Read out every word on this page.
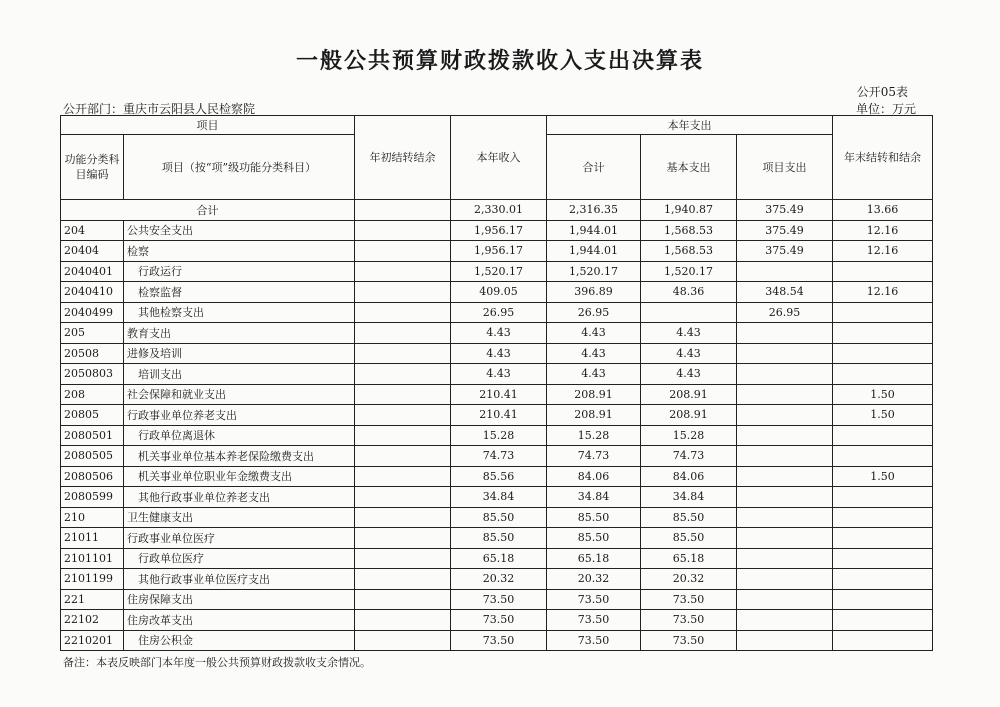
一般公共预算财政拨款收入支出决算表
公开05表
公开部门：重庆市云阳县人民检察院	单位：万元
项目		年初结转结余	本年收入	本年支出			年末结转和结余
功能分类科目编码	项目（按“项”级功能分类科目）			合计	基本支出	项目支出	
合计			2,330.01	2,316.35	1,940.87	375.49	13.66
204	公共安全支出		1,956.17	1,944.01	1,568.53	375.49	12.16
20404	检察		1,956.17	1,944.01	1,568.53	375.49	12.16
2040401	行政运行		1,520.17	1,520.17	1,520.17		
2040410	检察监督		409.05	396.89	48.36	348.54	12.16
2040499	其他检察支出		26.95	26.95		26.95	
205	教育支出		4.43	4.43	4.43		
20508	进修及培训		4.43	4.43	4.43		
2050803	培训支出		4.43	4.43	4.43		
208	社会保障和就业支出		210.41	208.91	208.91		1.50
20805	行政事业单位养老支出		210.41	208.91	208.91		1.50
2080501	行政单位离退休		15.28	15.28	15.28		
2080505	机关事业单位基本养老保险缴费支出		74.73	74.73	74.73		
2080506	机关事业单位职业年金缴费支出		85.56	84.06	84.06		1.50
2080599	其他行政事业单位养老支出		34.84	34.84	34.84		
210	卫生健康支出		85.50	85.50	85.50		
21011	行政事业单位医疗		85.50	85.50	85.50		
2101101	行政单位医疗		65.18	65.18	65.18		
2101199	其他行政事业单位医疗支出		20.32	20.32	20.32		
221	住房保障支出		73.50	73.50	73.50		
22102	住房改革支出		73.50	73.50	73.50		
2210201	住房公积金		73.50	73.50	73.50		
备注：本表反映部门本年度一般公共预算财政拨款收支余情况。
